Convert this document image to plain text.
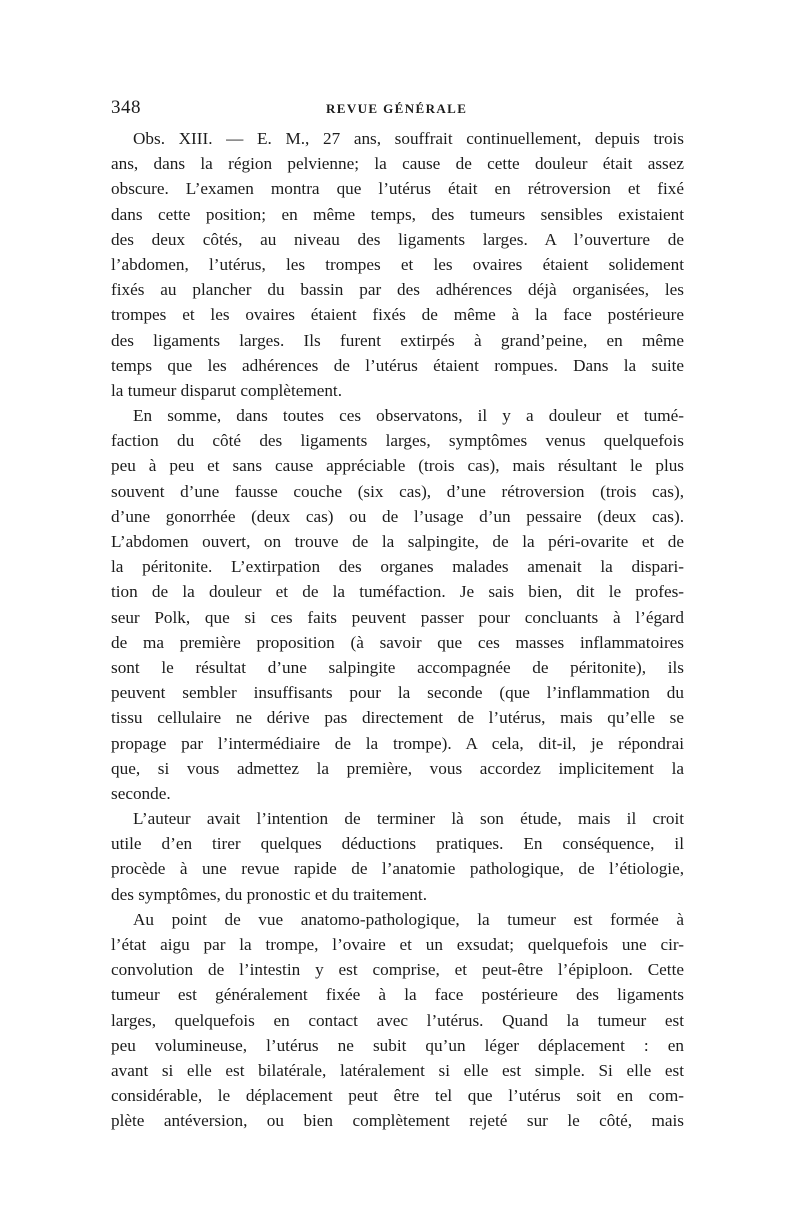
348	REVUE GÉNÉRALE
Obs. XIII. — E. M., 27 ans, souffrait continuellement, depuis trois
ans, dans la région pelvienne; la cause de cette douleur était assez
obscure. L’examen montra que l’utérus était en rétroversion et fixé
dans cette position; en même temps, des tumeurs sensibles existaient
des deux côtés, au niveau des ligaments larges. A l’ouverture de
l’abdomen, l’utérus, les trompes et les ovaires étaient solidement
fixés au plancher du bassin par des adhérences déjà organisées, les
trompes et les ovaires étaient fixés de même à la face postérieure
des ligaments larges. Ils furent extirpés à grand’peine, en même
temps que les adhérences de l’utérus étaient rompues. Dans la suite
la tumeur disparut complètement.
En somme, dans toutes ces observatons, il y a douleur et tumé-
faction du côté des ligaments larges, symptômes venus quelquefois
peu à peu et sans cause appréciable (trois cas), mais résultant le plus
souvent d’une fausse couche (six cas), d’une rétroversion (trois cas),
d’une gonorrhée (deux cas) ou de l’usage d’un pessaire (deux cas).
L’abdomen ouvert, on trouve de la salpingite, de la péri-ovarite et de
la péritonite. L’extirpation des organes malades amenait la dispari-
tion de la douleur et de la tuméfaction. Je sais bien, dit le profes-
seur Polk, que si ces faits peuvent passer pour concluants à l’égard
de ma première proposition (à savoir que ces masses inflammatoires
sont le résultat d’une salpingite accompagnée de péritonite), ils
peuvent sembler insuffisants pour la seconde (que l’inflammation du
tissu cellulaire ne dérive pas directement de l’utérus, mais qu’elle se
propage par l’intermédiaire de la trompe). A cela, dit-il, je répondrai
que, si vous admettez la première, vous accordez implicitement la
seconde.
L’auteur avait l’intention de terminer là son étude, mais il croit
utile d’en tirer quelques déductions pratiques. En conséquence, il
procède à une revue rapide de l’anatomie pathologique, de l’étiologie,
des symptômes, du pronostic et du traitement.
Au point de vue anatomo-pathologique, la tumeur est formée à
l’état aigu par la trompe, l’ovaire et un exsudat; quelquefois une cir-
convolution de l’intestin y est comprise, et peut-être l’épiploon. Cette
tumeur est généralement fixée à la face postérieure des ligaments
larges, quelquefois en contact avec l’utérus. Quand la tumeur est
peu volumineuse, l’utérus ne subit qu’un léger déplacement : en
avant si elle est bilatérale, latéralement si elle est simple. Si elle est
considérable, le déplacement peut être tel que l’utérus soit en com-
plète antéversion, ou bien complètement rejeté sur le côté, mais
